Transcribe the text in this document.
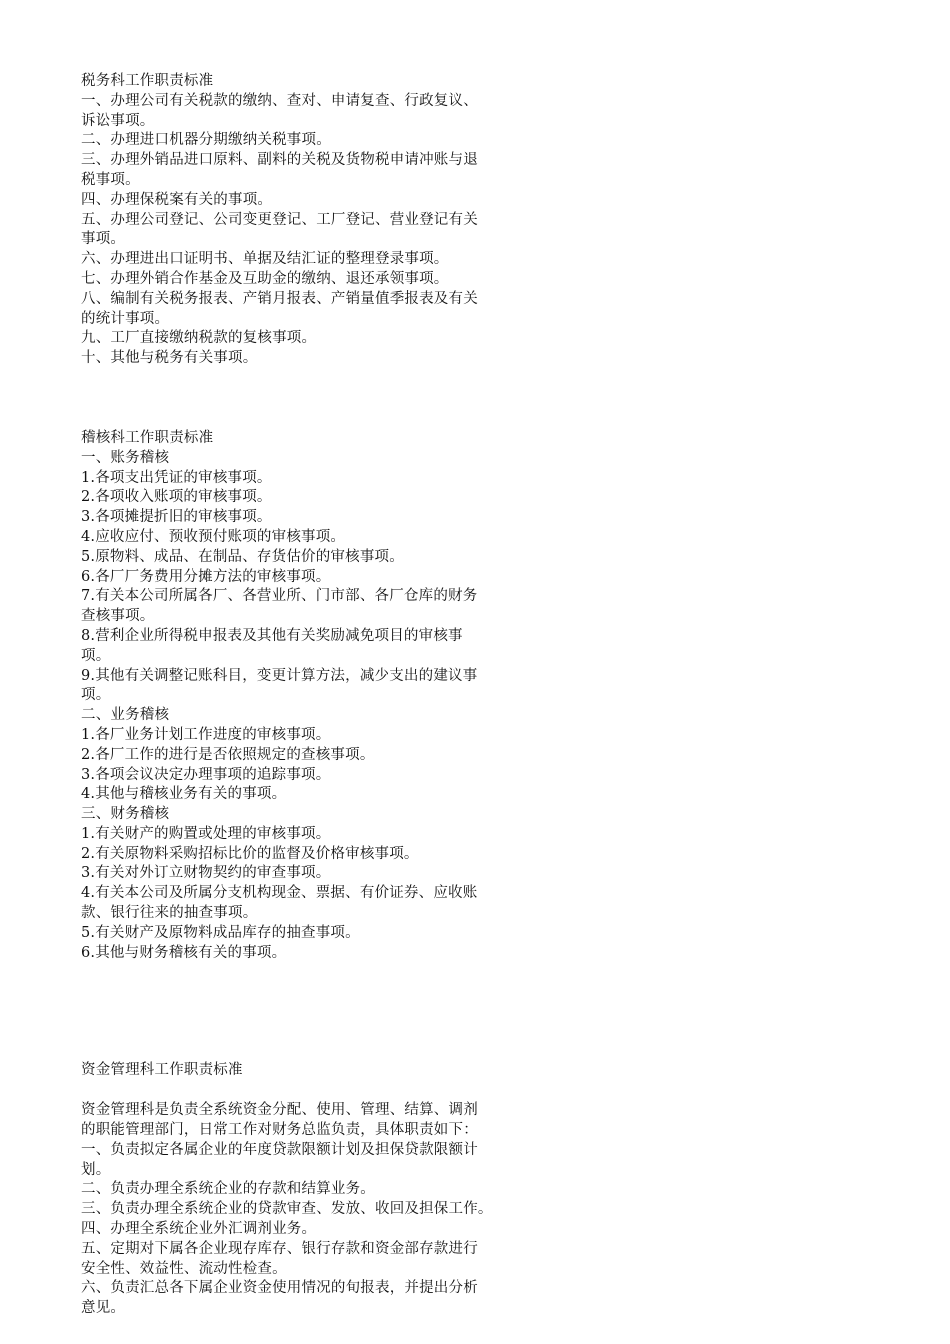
税务科工作职责标准
一、办理公司有关税款的缴纳、查对、申请复查、行政复议、
诉讼事项。
二、办理进口机器分期缴纳关税事项。
三、办理外销品进口原料、副料的关税及货物税申请冲账与退
税事项。
四、办理保税案有关的事项。
五、办理公司登记、公司变更登记、工厂登记、营业登记有关
事项。
六、办理进出口证明书、单据及结汇证的整理登录事项。
七、办理外销合作基金及互助金的缴纳、退还承领事项。
八、编制有关税务报表、产销月报表、产销量值季报表及有关
的统计事项。
九、工厂直接缴纳税款的复核事项。
十、其他与税务有关事项。
稽核科工作职责标准
一、账务稽核
1.各项支出凭证的审核事项。
2.各项收入账项的审核事项。
3.各项摊提折旧的审核事项。
4.应收应付、预收预付账项的审核事项。
5.原物料、成品、在制品、存货估价的审核事项。
6.各厂厂务费用分摊方法的审核事项。
7.有关本公司所属各厂、各营业所、门市部、各厂仓库的财务
查核事项。
8.营利企业所得税申报表及其他有关奖励减免项目的审核事
项。
9.其他有关调整记账科目，变更计算方法，减少支出的建议事
项。
二、业务稽核
1.各厂业务计划工作进度的审核事项。
2.各厂工作的进行是否依照规定的查核事项。
3.各项会议决定办理事项的追踪事项。
4.其他与稽核业务有关的事项。
三、财务稽核
1.有关财产的购置或处理的审核事项。
2.有关原物料采购招标比价的监督及价格审核事项。
3.有关对外订立财物契约的审查事项。
4.有关本公司及所属分支机构现金、票据、有价证券、应收账
款、银行往来的抽查事项。
5.有关财产及原物料成品库存的抽查事项。
6.其他与财务稽核有关的事项。
资金管理科工作职责标准
资金管理科是负责全系统资金分配、使用、管理、结算、调剂
的职能管理部门，日常工作对财务总监负责，具体职责如下：
一、负责拟定各属企业的年度贷款限额计划及担保贷款限额计
划。
二、负责办理全系统企业的存款和结算业务。
三、负责办理全系统企业的贷款审查、发放、收回及担保工作。
四、办理全系统企业外汇调剂业务。
五、定期对下属各企业现存库存、银行存款和资金部存款进行
安全性、效益性、流动性检查。
六、负责汇总各下属企业资金使用情况的旬报表，并提出分析
意见。
